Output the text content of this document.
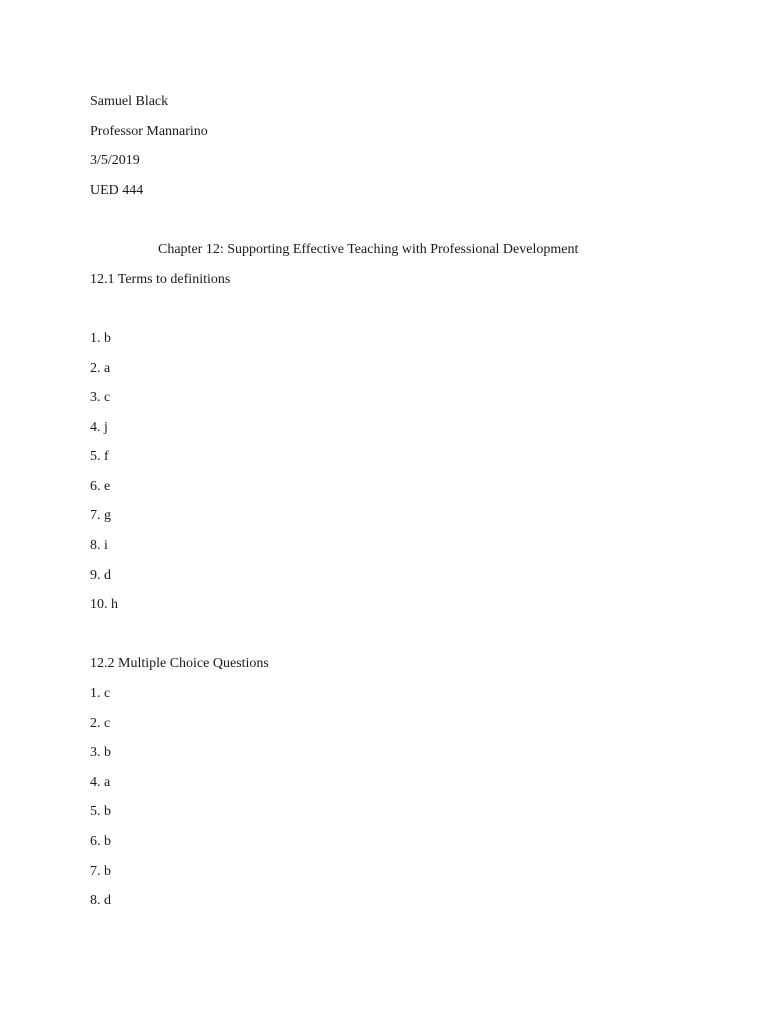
Samuel Black
Professor Mannarino
3/5/2019
UED 444
Chapter 12: Supporting Effective Teaching with Professional Development
12.1 Terms to definitions
1. b
2. a
3. c
4. j
5. f
6. e
7. g
8. i
9. d
10. h
12.2 Multiple Choice Questions
1. c
2. c
3. b
4. a
5. b
6. b
7. b
8. d
